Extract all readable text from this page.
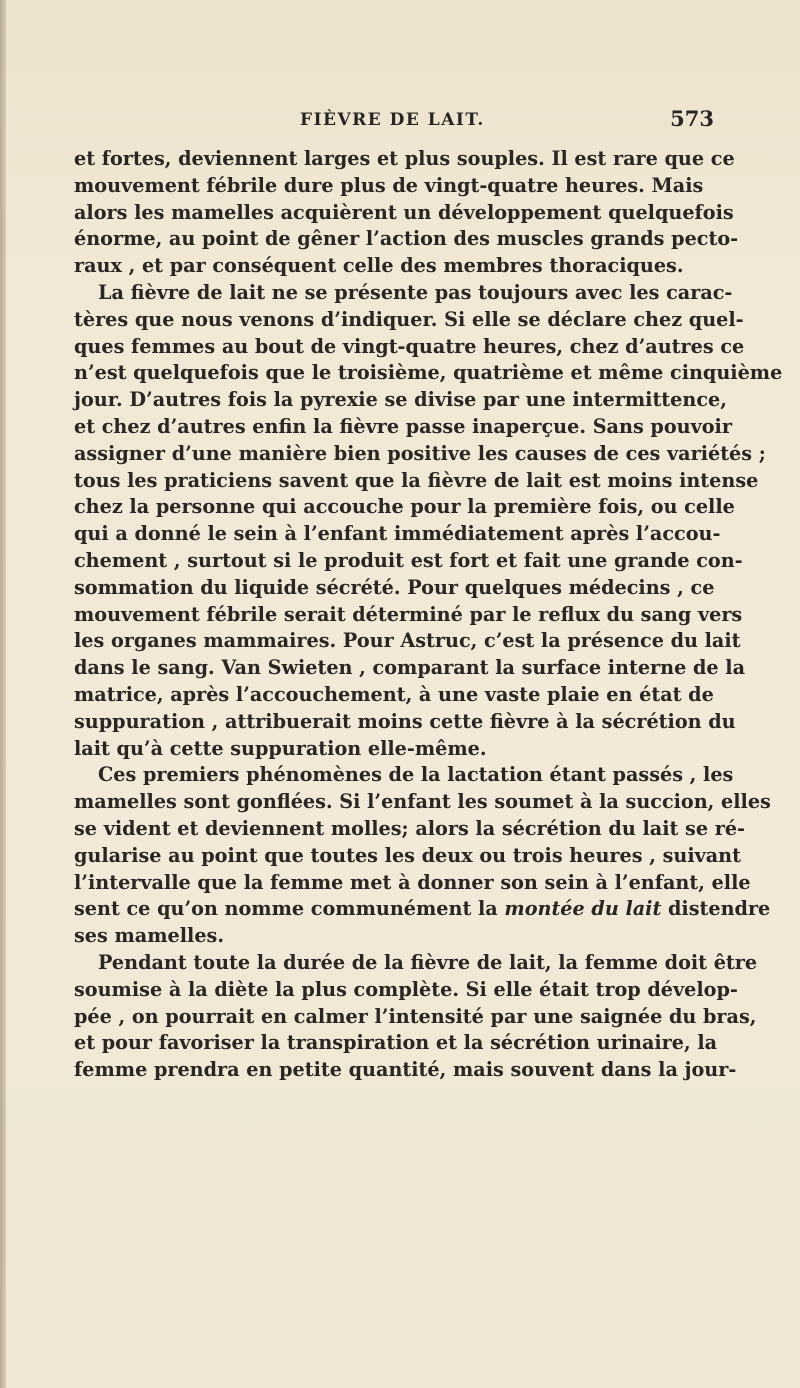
FIÈVRE DE LAIT.	573
et fortes, deviennent larges et plus souples. Il est rare que ce
mouvement fébrile dure plus de vingt-quatre heures. Mais
alors les mamelles acquièrent un développement quelquefois
énorme, au point de gêner l’action des muscles grands pecto-
raux , et par conséquent celle des membres thoraciques.
La fièvre de lait ne se présente pas toujours avec les carac-
tères que nous venons d’indiquer. Si elle se déclare chez quel-
ques femmes au bout de vingt-quatre heures, chez d’autres ce
n’est quelquefois que le troisième, quatrième et même cinquième
jour. D’autres fois la pyrexie se divise par une intermittence,
et chez d’autres enfin la fièvre passe inaperçue. Sans pouvoir
assigner d’une manière bien positive les causes de ces variétés ;
tous les praticiens savent que la fièvre de lait est moins intense
chez la personne qui accouche pour la première fois, ou celle
qui a donné le sein à l’enfant immédiatement après l’accou-
chement , surtout si le produit est fort et fait une grande con-
sommation du liquide sécrété. Pour quelques médecins , ce
mouvement fébrile serait déterminé par le reflux du sang vers
les organes mammaires. Pour Astruc, c’est la présence du lait
dans le sang. Van Swieten , comparant la surface interne de la
matrice, après l’accouchement, à une vaste plaie en état de
suppuration , attribuerait moins cette fièvre à la sécrétion du
lait qu’à cette suppuration elle-même.
Ces premiers phénomènes de la lactation étant passés , les
mamelles sont gonflées. Si l’enfant les soumet à la succion, elles
se vident et deviennent molles; alors la sécrétion du lait se ré-
gularise au point que toutes les deux ou trois heures , suivant
l’intervalle que la femme met à donner son sein à l’enfant, elle
sent ce qu’on nomme communément la montée du lait distendre
ses mamelles.
Pendant toute la durée de la fièvre de lait, la femme doit être
soumise à la diète la plus complète. Si elle était trop dévelop-
pée , on pourrait en calmer l’intensité par une saignée du bras,
et pour favoriser la transpiration et la sécrétion urinaire, la
femme prendra en petite quantité, mais souvent dans la jour-
